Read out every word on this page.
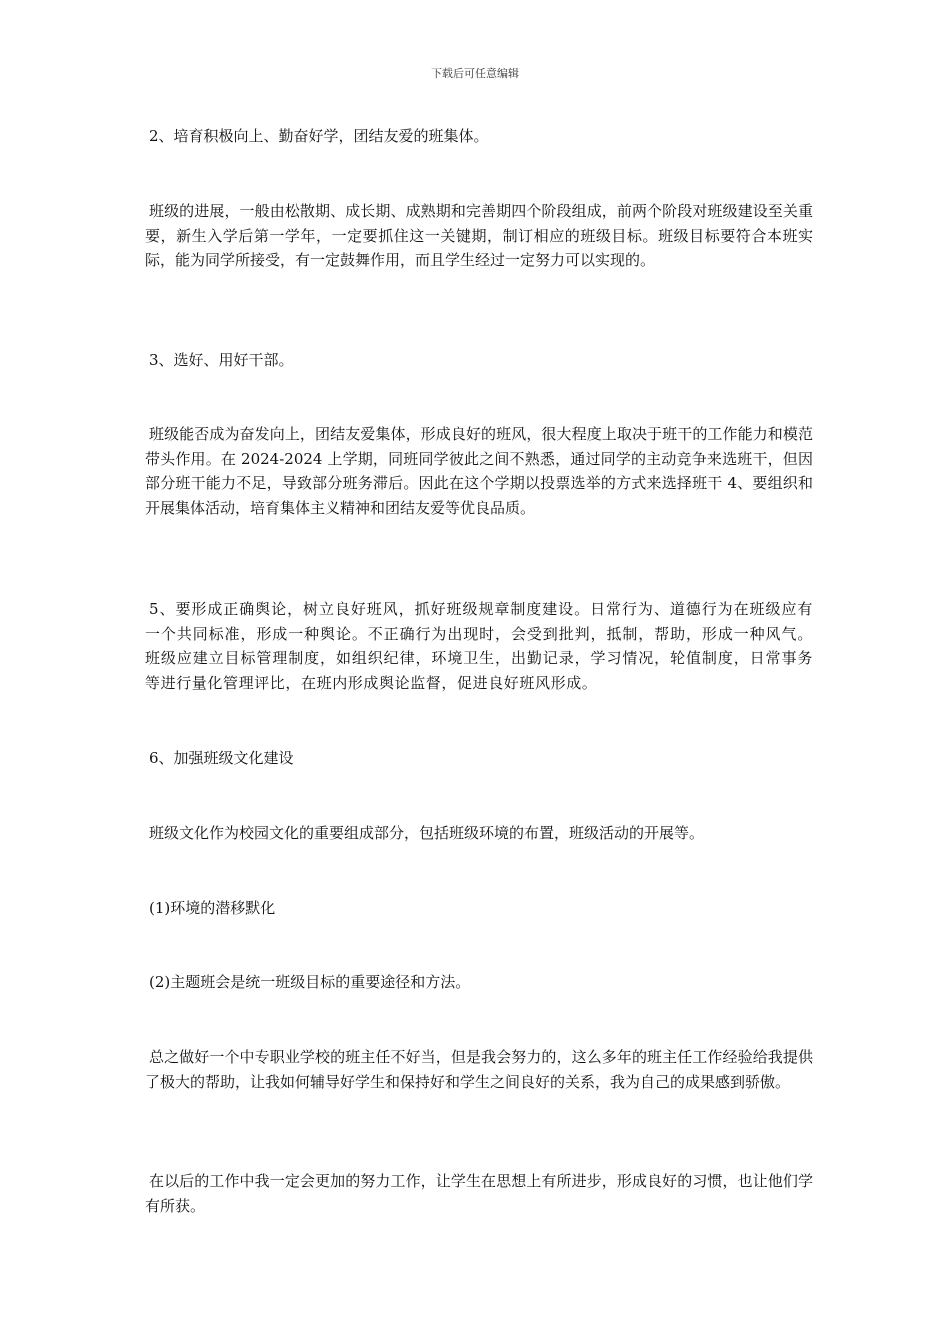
下载后可任意编辑

2、培育积极向上、勤奋好学，团结友爱的班集体。

班级的进展，一般由松散期、成长期、成熟期和完善期四个阶段组成，前两个阶段对班级建设至关重要，新生入学后第一学年，一定要抓住这一关键期，制订相应的班级目标。班级目标要符合本班实际，能为同学所接受，有一定鼓舞作用，而且学生经过一定努力可以实现的。

3、选好、用好干部。

班级能否成为奋发向上，团结友爱集体，形成良好的班风，很大程度上取决于班干的工作能力和模范带头作用。在 2024-2024 上学期，同班同学彼此之间不熟悉，通过同学的主动竞争来选班干，但因部分班干能力不足，导致部分班务滞后。因此在这个学期以投票选举的方式来选择班干 4、要组织和开展集体活动，培育集体主义精神和团结友爱等优良品质。

5、要形成正确舆论，树立良好班风，抓好班级规章制度建设。日常行为、道德行为在班级应有一个共同标准，形成一种舆论。不正确行为出现时，会受到批判，抵制，帮助，形成一种风气。班级应建立目标管理制度，如组织纪律，环境卫生，出勤记录，学习情况，轮值制度，日常事务等进行量化管理评比，在班内形成舆论监督，促进良好班风形成。

6、加强班级文化建设

班级文化作为校园文化的重要组成部分，包括班级环境的布置，班级活动的开展等。

(1)环境的潜移默化

(2)主题班会是统一班级目标的重要途径和方法。

总之做好一个中专职业学校的班主任不好当，但是我会努力的，这么多年的班主任工作经验给我提供了极大的帮助，让我如何辅导好学生和保持好和学生之间良好的关系，我为自己的成果感到骄傲。

在以后的工作中我一定会更加的努力工作，让学生在思想上有所进步，形成良好的习惯，也让他们学有所获。
